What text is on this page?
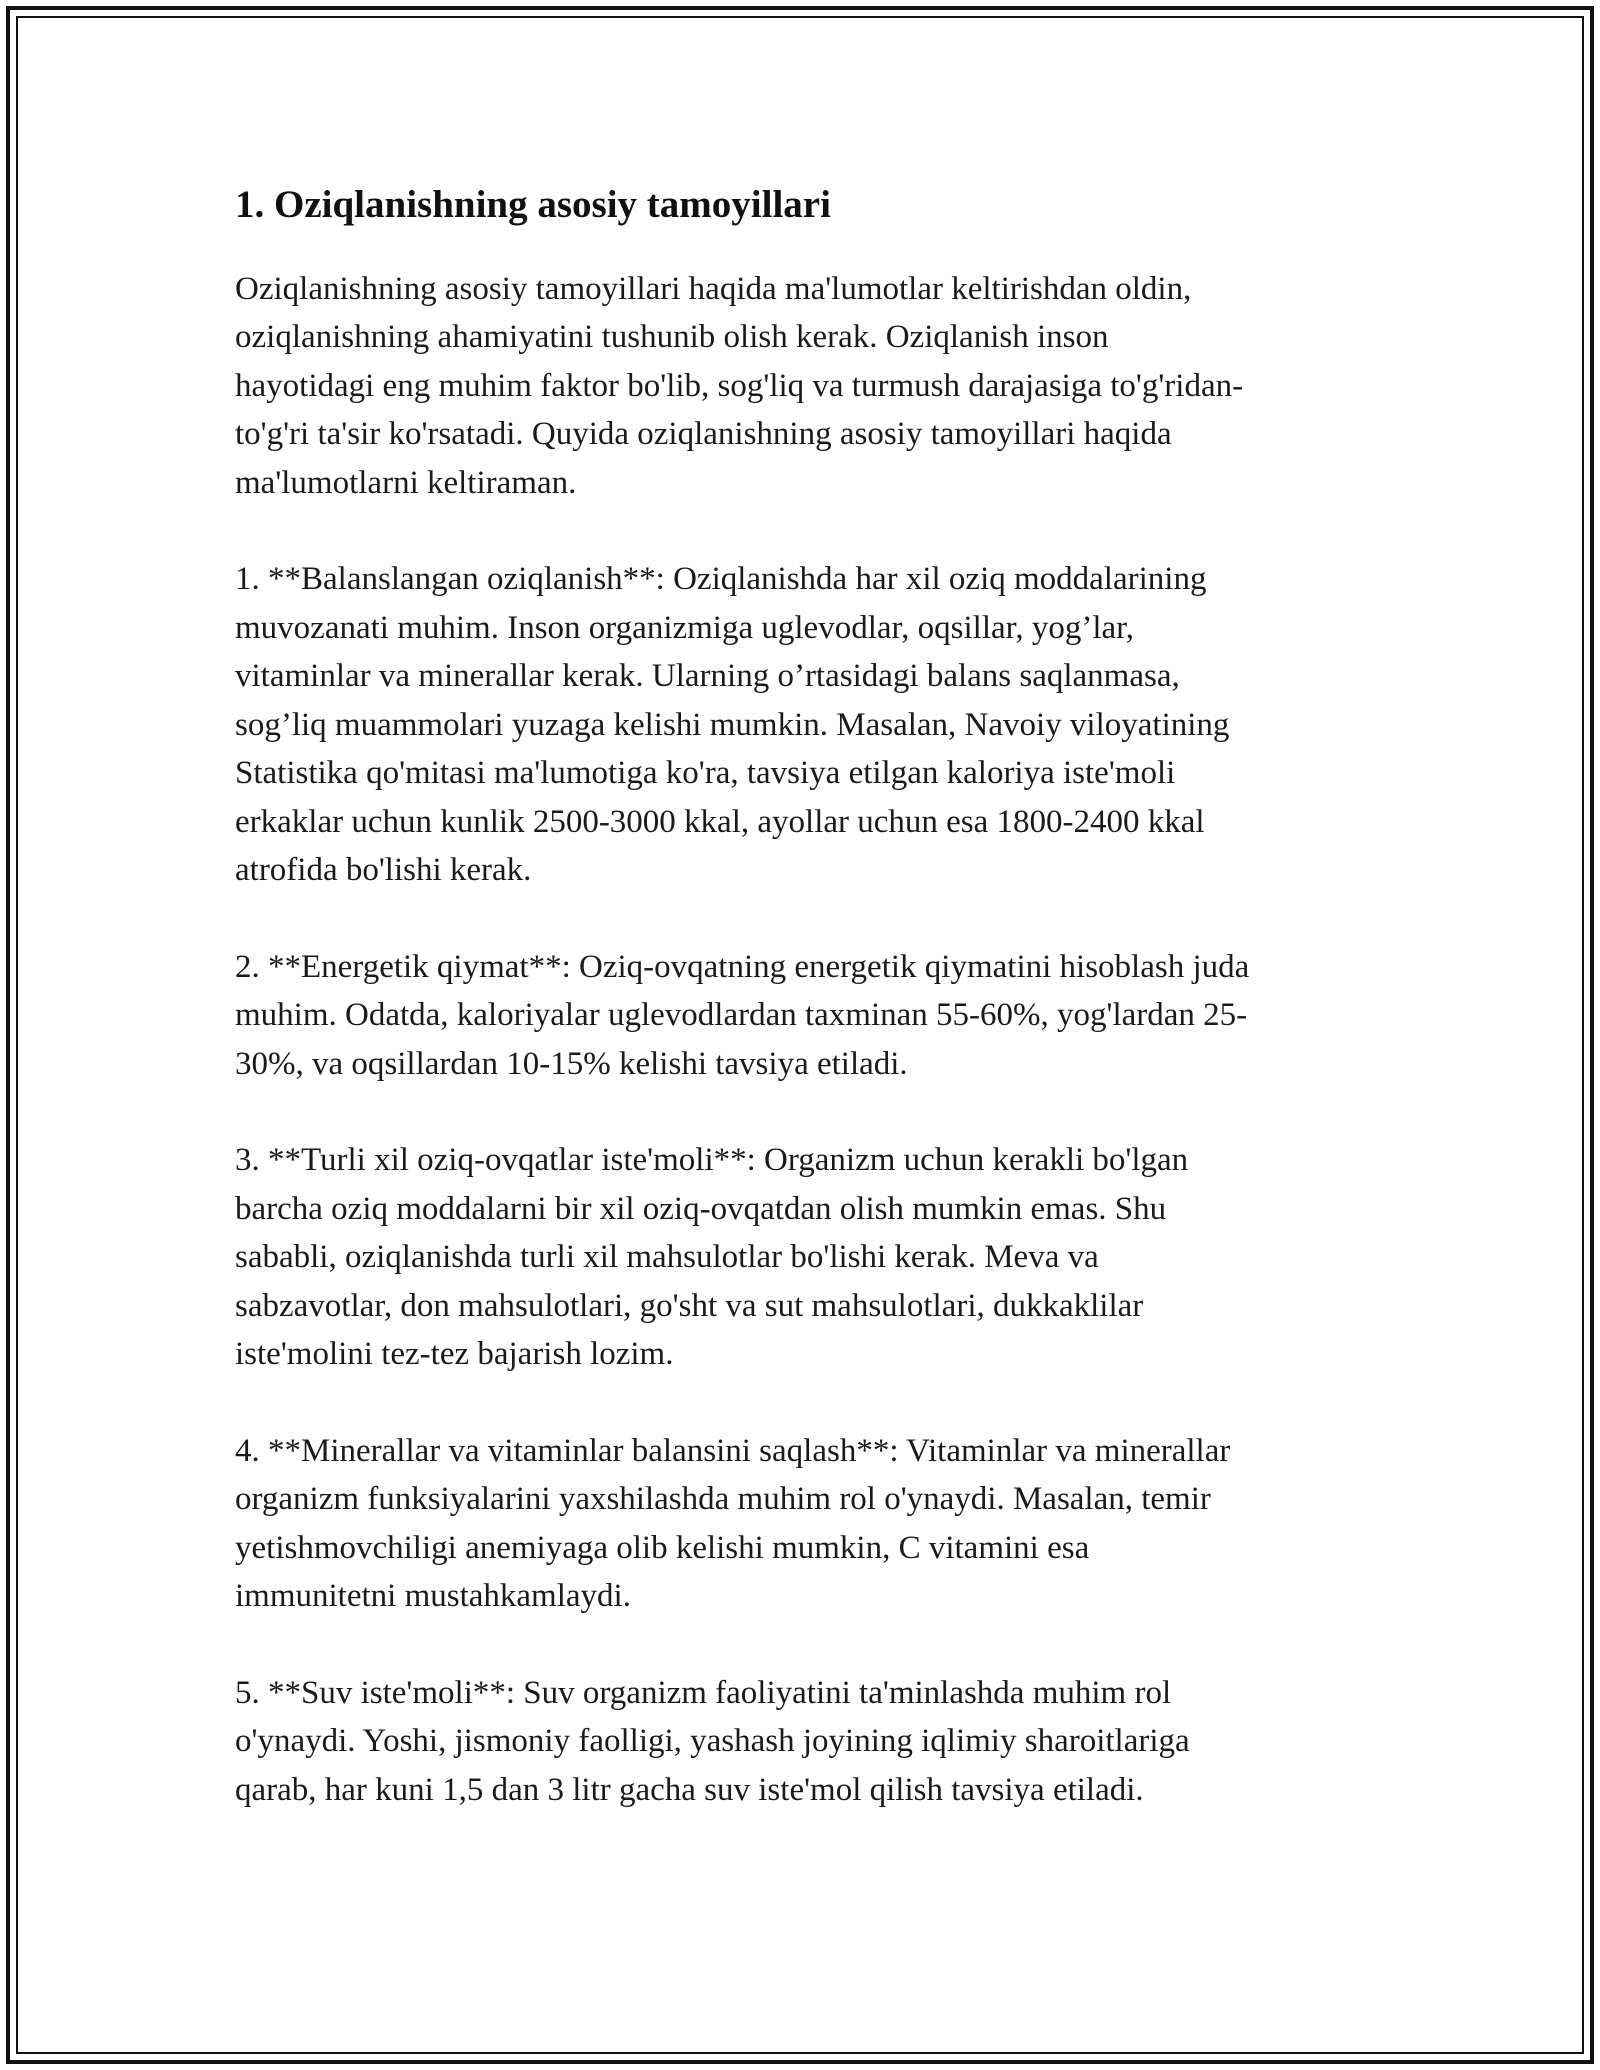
1. Oziqlanishning asosiy tamoyillari

Oziqlanishning asosiy tamoyillari haqida ma'lumotlar keltirishdan oldin,
oziqlanishning ahamiyatini tushunib olish kerak. Oziqlanish inson
hayotidagi eng muhim faktor bo'lib, sog'liq va turmush darajasiga to'g'ridan-
to'g'ri ta'sir ko'rsatadi. Quyida oziqlanishning asosiy tamoyillari haqida
ma'lumotlarni keltiraman.

1. **Balanslangan oziqlanish**: Oziqlanishda har xil oziq moddalarining
muvozanati muhim. Inson organizmiga uglevodlar, oqsillar, yog’lar,
vitaminlar va minerallar kerak. Ularning o’rtasidagi balans saqlanmasa,
sog’liq muammolari yuzaga kelishi mumkin. Masalan, Navoiy viloyatining
Statistika qo'mitasi ma'lumotiga ko'ra, tavsiya etilgan kaloriya iste'moli
erkaklar uchun kunlik 2500-3000 kkal, ayollar uchun esa 1800-2400 kkal
atrofida bo'lishi kerak.

2. **Energetik qiymat**: Oziq-ovqatning energetik qiymatini hisoblash juda
muhim. Odatda, kaloriyalar uglevodlardan taxminan 55-60%, yog'lardan 25-
30%, va oqsillardan 10-15% kelishi tavsiya etiladi.

3. **Turli xil oziq-ovqatlar iste'moli**: Organizm uchun kerakli bo'lgan
barcha oziq moddalarni bir xil oziq-ovqatdan olish mumkin emas. Shu
sababli, oziqlanishda turli xil mahsulotlar bo'lishi kerak. Meva va
sabzavotlar, don mahsulotlari, go'sht va sut mahsulotlari, dukkaklilar
iste'molini tez-tez bajarish lozim.

4. **Minerallar va vitaminlar balansini saqlash**: Vitaminlar va minerallar
organizm funksiyalarini yaxshilashda muhim rol o'ynaydi. Masalan, temir
yetishmovchiligi anemiyaga olib kelishi mumkin, C vitamini esa
immunitetni mustahkamlaydi.

5. **Suv iste'moli**: Suv organizm faoliyatini ta'minlashda muhim rol
o'ynaydi. Yoshi, jismoniy faolligi, yashash joyining iqlimiy sharoitlariga
qarab, har kuni 1,5 dan 3 litr gacha suv iste'mol qilish tavsiya etiladi.
